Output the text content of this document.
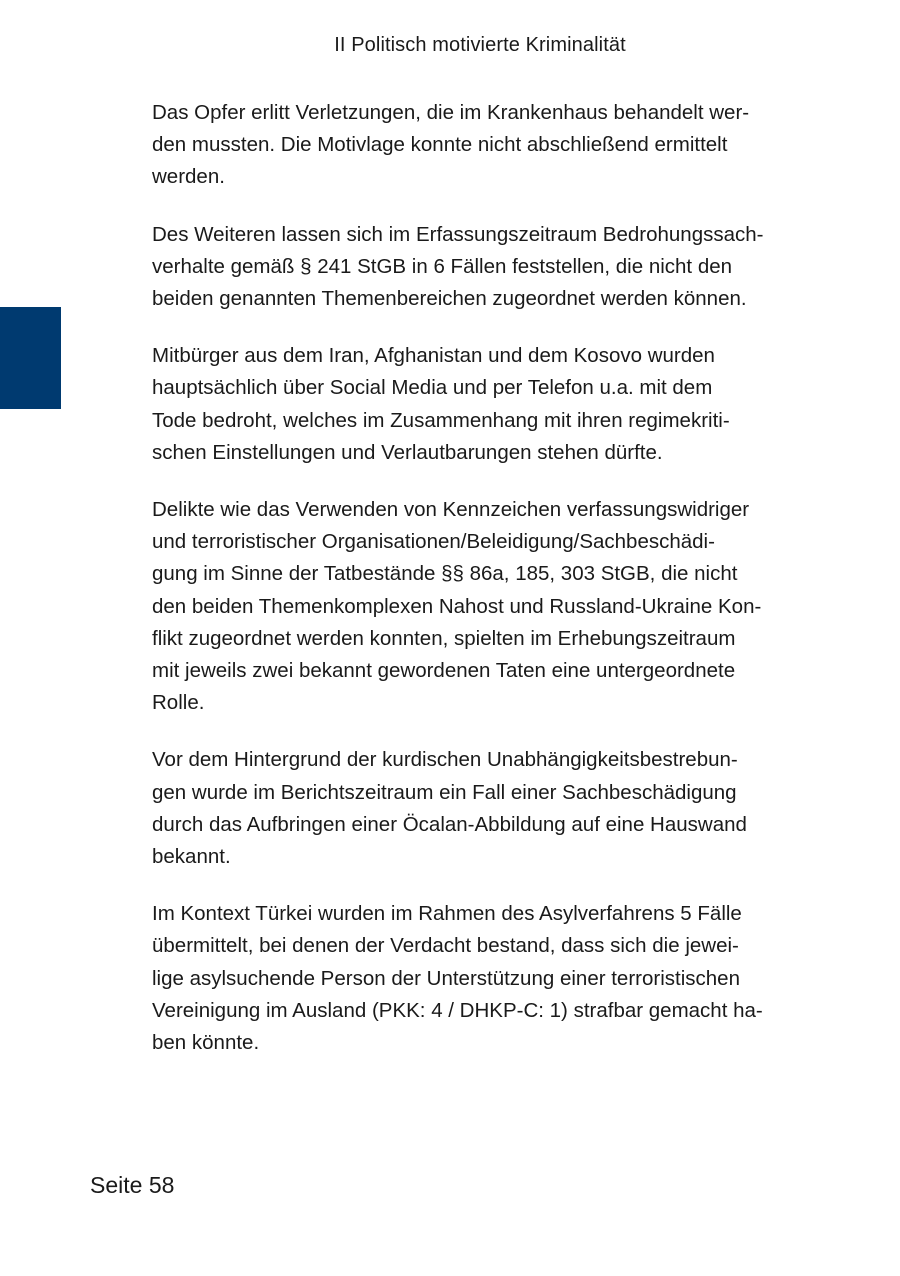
II Politisch motivierte Kriminalität
Das Opfer erlitt Verletzungen, die im Krankenhaus behandelt wer-
den mussten. Die Motivlage konnte nicht abschließend ermittelt
werden.
Des Weiteren lassen sich im Erfassungszeitraum Bedrohungssach-
verhalte gemäß § 241 StGB in 6 Fällen feststellen, die nicht den
beiden genannten Themenbereichen zugeordnet werden können.
Mitbürger aus dem Iran, Afghanistan und dem Kosovo wurden
hauptsächlich über Social Media und per Telefon u.a. mit dem
Tode bedroht, welches im Zusammenhang mit ihren regimekriti-
schen Einstellungen und Verlautbarungen stehen dürfte.
Delikte wie das Verwenden von Kennzeichen verfassungswidriger
und terroristischer Organisationen/Beleidigung/Sachbeschädi-
gung im Sinne der Tatbestände §§ 86a, 185, 303 StGB, die nicht
den beiden Themenkomplexen Nahost und Russland-Ukraine Kon-
flikt zugeordnet werden konnten, spielten im Erhebungszeitraum
mit jeweils zwei bekannt gewordenen Taten eine untergeordnete
Rolle.
Vor dem Hintergrund der kurdischen Unabhängigkeitsbestrebun-
gen wurde im Berichtszeitraum ein Fall einer Sachbeschädigung
durch das Aufbringen einer Öcalan-Abbildung auf eine Hauswand
bekannt.
Im Kontext Türkei wurden im Rahmen des Asylverfahrens 5 Fälle
übermittelt, bei denen der Verdacht bestand, dass sich die jewei-
lige asylsuchende Person der Unterstützung einer terroristischen
Vereinigung im Ausland (PKK: 4 / DHKP-C: 1) strafbar gemacht ha-
ben könnte.
Seite 58
